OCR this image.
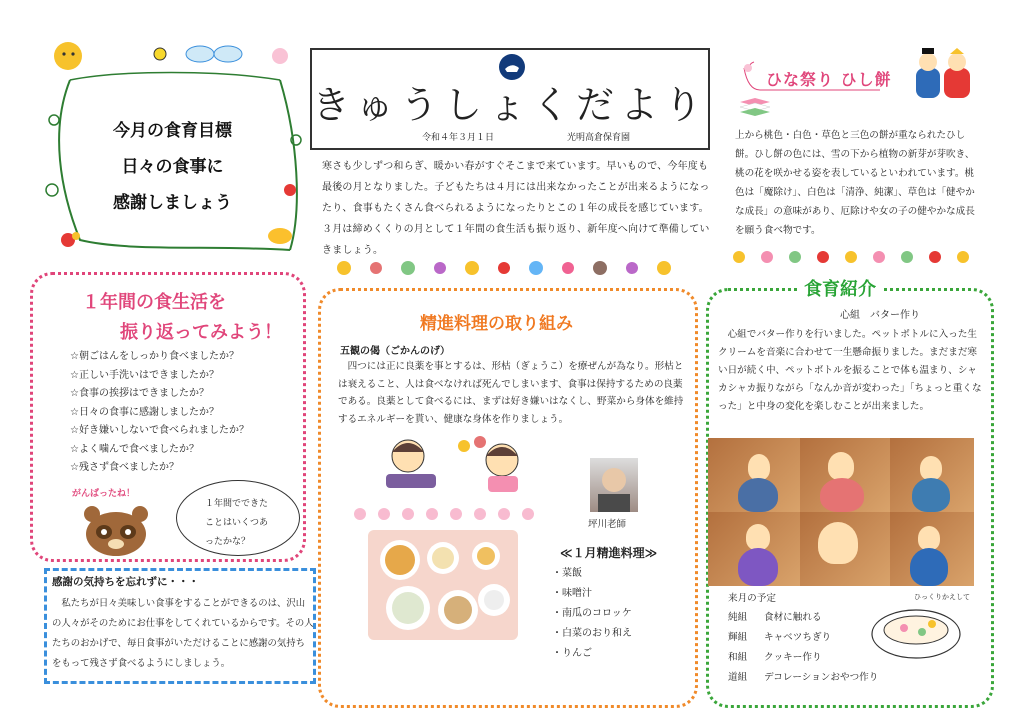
今月の食育目標
日々の食事に
感謝しましょう
きゅうしょくだより
令和４年３月１日	光明高倉保育園

寒さも少しずつ和らぎ、暖かい春がすぐそこまで来ています。早いもので、今年度も最後の月となりました。子どもたちは４月には出来なかったことが出来るようになったり、食事もたくさん食べられるようになったりとこの１年の成長を感じています。３月は締めくくりの月として１年間の食生活も振り返り、新年度へ向けて準備していきましょう。

ひな祭り ひし餅

上から桃色・白色・草色と三色の餅が重なられたひし餅。ひし餅の色には、雪の下から植物の新芽が芽吹き、桃の花を咲かせる姿を表しているといわれています。桃色は「魔除け」、白色は「清浄、純潔」、草色は「健やかな成長」の意味があり、厄除けや女の子の健やかな成長を願う食べ物です。

１年間の食生活を
振り返ってみよう！
☆朝ごはんをしっかり食べましたか？
☆正しい手洗いはできましたか？
☆食事の挨拶はできましたか？
☆日々の食事に感謝しましたか？
☆好き嫌いしないで食べられましたか？
☆よく噛んで食べましたか？
☆残さず食べましたか？
がんばったね！

１年間でできた
ことはいくつあ
ったかな？

感謝の気持ちを忘れずに・・・

　私たちが日々美味しい食事をすることができるのは、沢山の人々がそのためにお仕事をしてくれているからです。その人たちのおかげで、毎日食事がいただけることに感謝の気持ちをもって残さず食べるようにしましょう。

精進料理の取り組み
五観の偈（ごかんのげ）

　四つには正に良薬を事とするは、形枯（ぎょうこ）を療ぜんが為なり。形枯とは衰えること、人は食べなければ死んでしまいます、食事は保持するための良薬である。良薬として食べるには、まずは好き嫌いはなくし、野菜から身体を維持するエネルギーを貰い、健康な身体を作りましょう。

坪川老師
≪１月精進料理≫
・菜飯
・味噌汁
・南瓜のコロッケ
・白菜のおり和え
・りんご
食育紹介
心組　バター作り

　心組でバター作りを行いました。ペットボトルに入った生クリームを音楽に合わせて一生懸命振りました。まだまだ寒い日が続く中、ペットボトルを振ることで体も温まり、シャカシャカ振りながら「なんか音が変わった」「ちょっと重くなった」と中身の変化を楽しむことが出来ました。

来月の予定
純組 食材に触れる
輝組 キャベツちぎり
和組 クッキー作り
道組 デコレーションおやつ作り
ひっくりかえして
